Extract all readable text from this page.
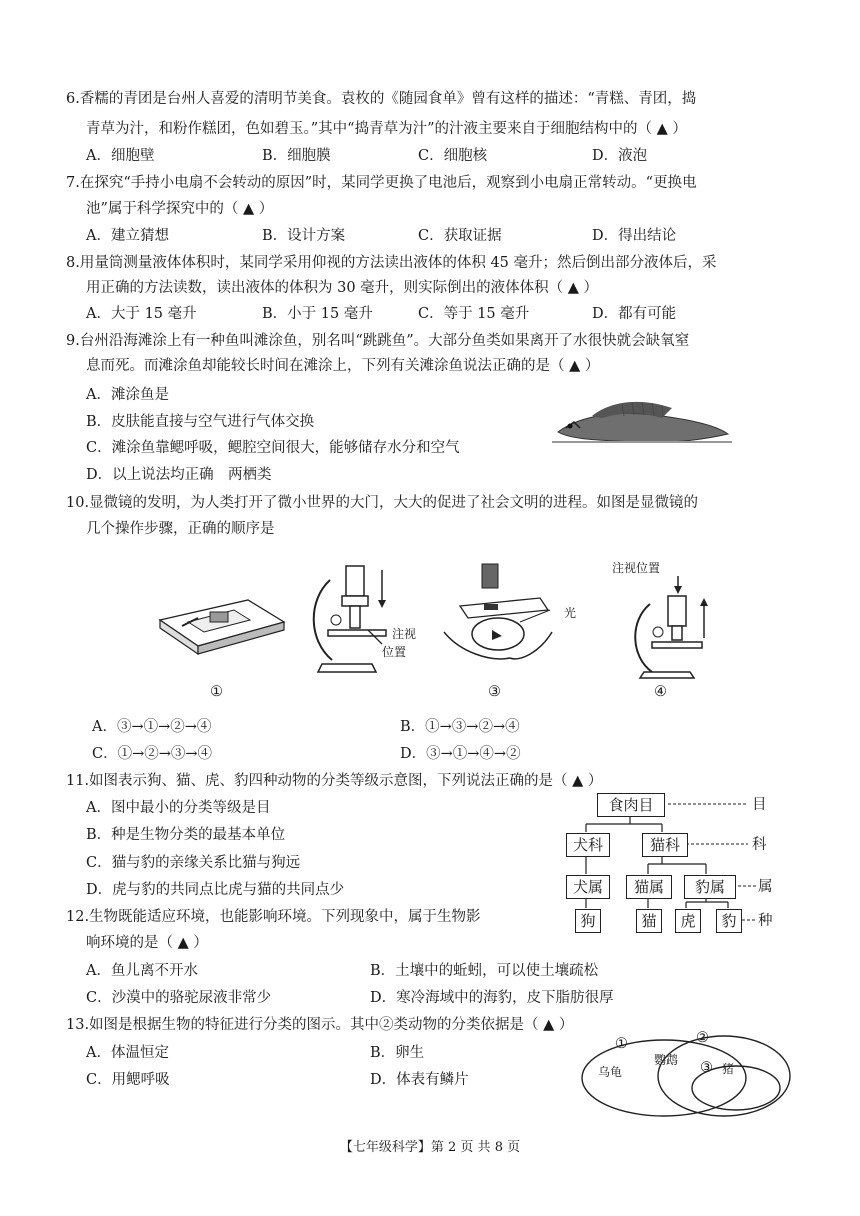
6.香糯的青团是台州人喜爱的清明节美食。袁枚的《随园食单》曾有这样的描述：“青糕、青团，捣
青草为汁，和粉作糕团，色如碧玉。”其中“捣青草为汁”的汁液主要来自于细胞结构中的（ ▲ ）
A．细胞壁	B．细胞膜	C．细胞核	D．液泡
7.在探究“手持小电扇不会转动的原因”时，某同学更换了电池后，观察到小电扇正常转动。“更换电
池”属于科学探究中的（ ▲ ）
A．建立猜想	B．设计方案	C．获取证据	D．得出结论
8.用量筒测量液体体积时，某同学采用仰视的方法读出液体的体积 45 毫升；然后倒出部分液体后，采
用正确的方法读数，读出液体的体积为 30 毫升，则实际倒出的液体体积（ ▲ ）
A．大于 15 毫升	B．小于 15 毫升	C．等于 15 毫升	D．都有可能
9.台州沿海滩涂上有一种鱼叫滩涂鱼，别名叫“跳跳鱼”。大部分鱼类如果离开了水很快就会缺氧窒
息而死。而滩涂鱼却能较长时间在滩涂上，下列有关滩涂鱼说法正确的是（ ▲ ）
A．滩涂鱼是
B．皮肤能直接与空气进行气体交换
C．滩涂鱼靠鳃呼吸，鳃腔空间很大，能够储存水分和空气
D．以上说法均正确 两栖类
10.显微镜的发明，为人类打开了微小世界的大门，大大的促进了社会文明的进程。如图是显微镜的
几个操作步骤，正确的顺序是
①
注视
位置
光
③
注视位置
④
A．③→①→②→④	B．①→③→②→④
C．①→②→③→④	D．③→①→④→②
11.如图表示狗、猫、虎、豹四种动物的分类等级示意图，下列说法正确的是（ ▲ ）
A．图中最小的分类等级是目
B．种是生物分类的最基本单位
C．猫与豹的亲缘关系比猫与狗远
D．虎与豹的共同点比虎与猫的共同点少
食肉目
犬科	猫科
犬属	猫属	豹属
狗	猫	虎	豹
目
科
属
种
12.生物既能适应环境，也能影响环境。下列现象中，属于生物影
响环境的是（ ▲ ）
A．鱼儿离不开水	B．土壤中的蚯蚓，可以使土壤疏松
C．沙漠中的骆驼尿液非常少	D．寒冷海域中的海豹，皮下脂肪很厚
13.如图是根据生物的特征进行分类的图示。其中②类动物的分类依据是（ ▲ ）
A．体温恒定	B．卵生
C．用鳃呼吸	D．体表有鳞片
①	②
③
乌龟
鹦鹉
猪
【七年级科学】第 2 页 共 8 页
